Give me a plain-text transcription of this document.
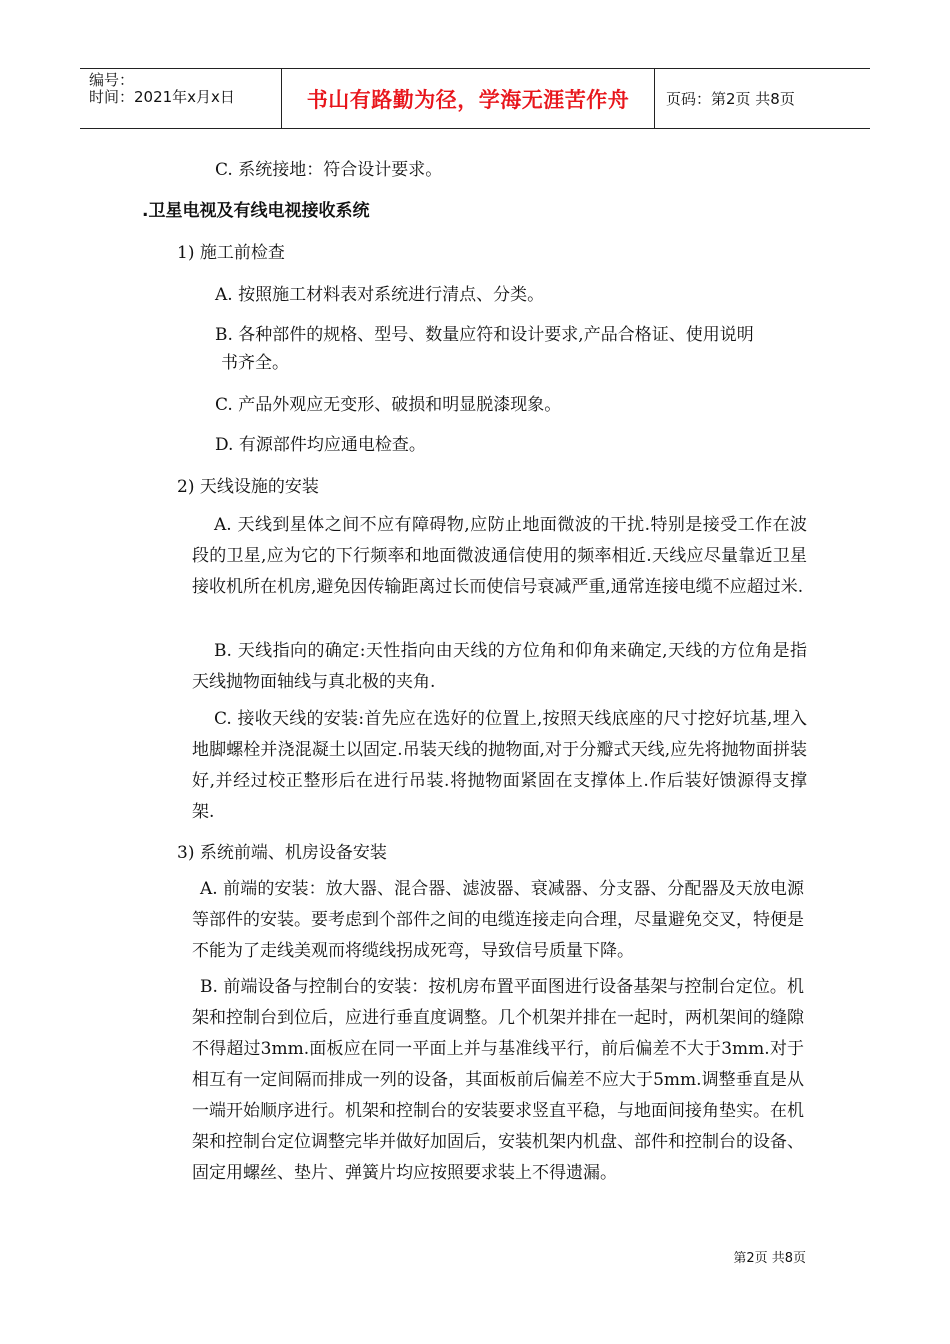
编号：
时间：2021年x月x日	书山有路勤为径，学海无涯苦作舟	页码：第2页 共8页
C. 系统接地：符合设计要求。
.卫星电视及有线电视接收系统
1) 施工前检查
A. 按照施工材料表对系统进行清点、分类。
B. 各种部件的规格、型号、数量应符和设计要求,产品合格证、使用说明
书齐全。
C. 产品外观应无变形、破损和明显脱漆现象。
D. 有源部件均应通电检查。
2) 天线设施的安装
A. 天线到星体之间不应有障碍物,应防止地面微波的干扰.特别是接受工作在波段的卫星,应为它的下行频率和地面微波通信使用的频率相近.天线应尽量靠近卫星接收机所在机房,避免因传输距离过长而使信号衰减严重,通常连接电缆不应超过米.
B. 天线指向的确定:天性指向由天线的方位角和仰角来确定,天线的方位角是指天线抛物面轴线与真北极的夹角.
C. 接收天线的安装:首先应在选好的位置上,按照天线底座的尺寸挖好坑基,埋入地脚螺栓并浇混凝土以固定.吊装天线的抛物面,对于分瓣式天线,应先将抛物面拼装好,并经过校正整形后在进行吊装.将抛物面紧固在支撑体上.作后装好馈源得支撑架.
3) 系统前端、机房设备安装
A. 前端的安装：放大器、混合器、滤波器、衰减器、分支器、分配器及天放电源等部件的安装。要考虑到个部件之间的电缆连接走向合理，尽量避免交叉，特便是不能为了走线美观而将缆线拐成死弯，导致信号质量下降。
B. 前端设备与控制台的安装：按机房布置平面图进行设备基架与控制台定位。机架和控制台到位后，应进行垂直度调整。几个机架并排在一起时，两机架间的缝隙不得超过3mm.面板应在同一平面上并与基准线平行，前后偏差不大于3mm.对于相互有一定间隔而排成一列的设备，其面板前后偏差不应大于5mm.调整垂直是从一端开始顺序进行。机架和控制台的安装要求竖直平稳，与地面间接角垫实。在机架和控制台定位调整完毕并做好加固后，安装机架内机盘、部件和控制台的设备、固定用螺丝、垫片、弹簧片均应按照要求装上不得遗漏。
第2页 共8页
